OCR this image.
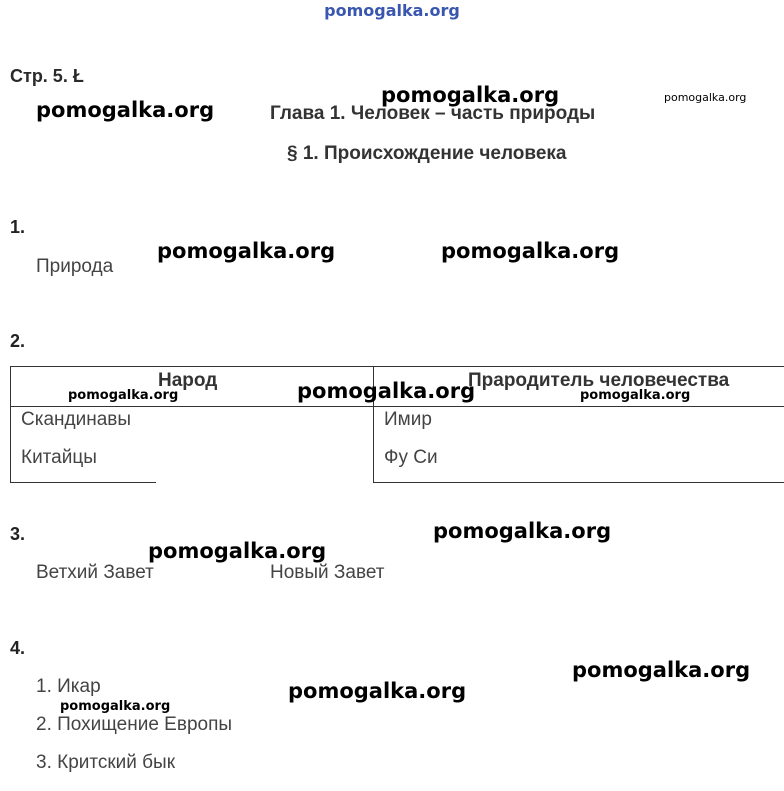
pomogalka.org
Стр. 5. Ł
Глава 1. Человек – часть природы
§ 1. Происхождение человека
1.
Природа
2.
Народ	Прародитель человечества
Скандинавы	Имир
Китайцы	Фу Си
3.
Ветхий Завет	Новый Завет
4.
1. Икар
2. Похищение Европы
3. Критский бык
pomogalka.org
pomogalka.org	pomogalka.org
pomogalka.org	pomogalka.org
pomogalka.org	pomogalka.org	pomogalka.org
pomogalka.org
pomogalka.org
pomogalka.org
pomogalka.org
pomogalka.org
